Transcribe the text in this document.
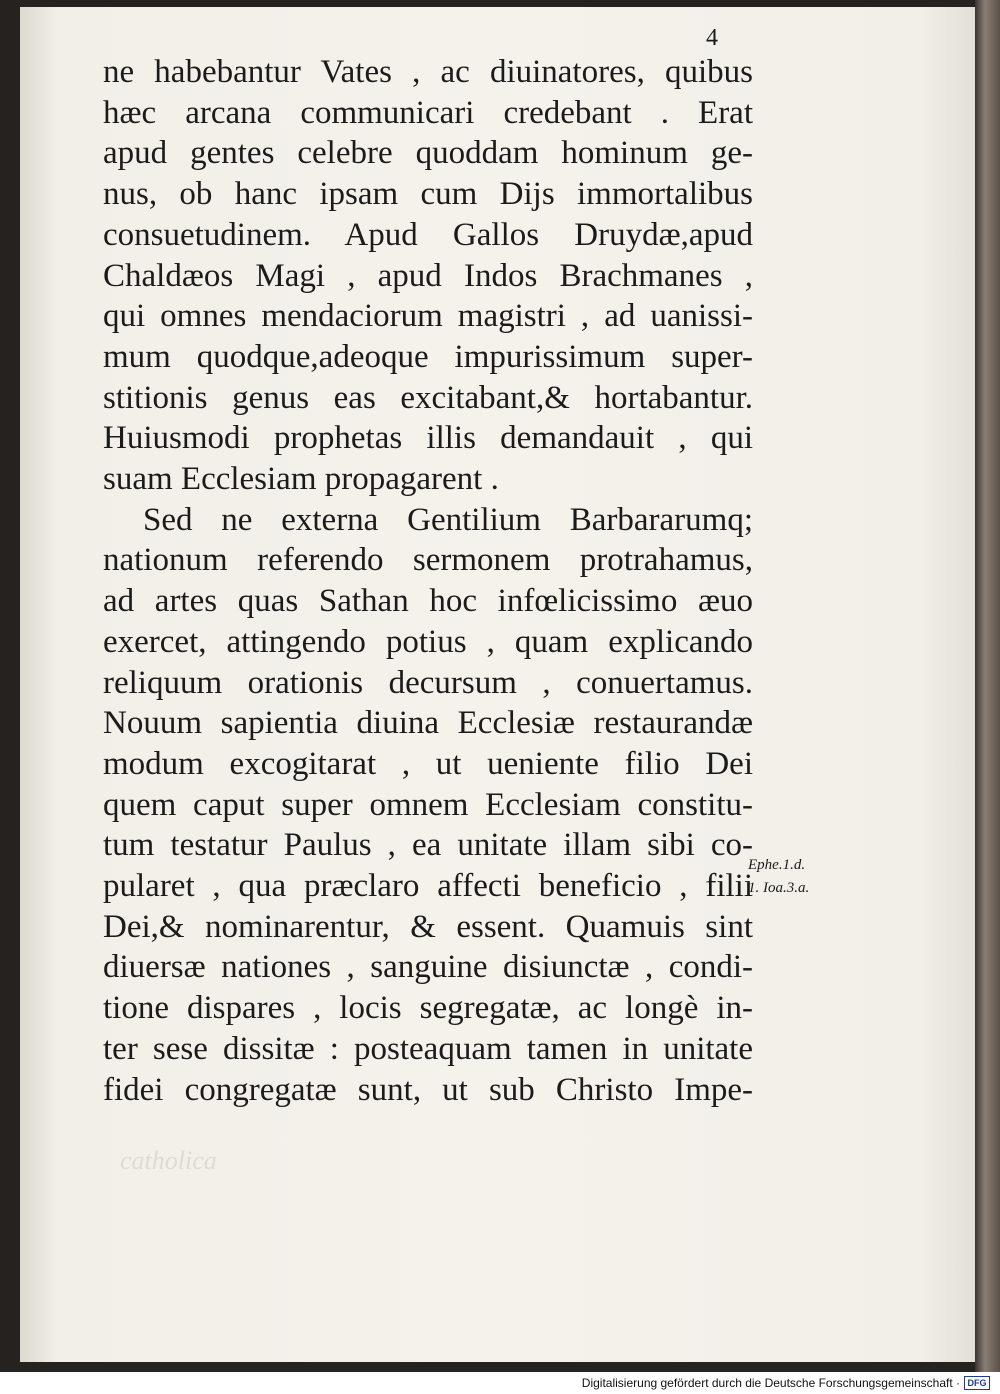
4
ne habebantur Vates , ac diuinatores, quibus
hæc arcana communicari credebant . Erat
apud gentes celebre quoddam hominum ge-
nus, ob hanc ipsam cum Dijs immortalibus
consuetudinem. Apud Gallos Druydæ,apud
Chaldæos Magi , apud Indos Brachmanes ,
qui omnes mendaciorum magistri , ad uanissi-
mum quodque,adeoque impurissimum super-
stitionis genus eas excitabant,& hortabantur.
Huiusmodi prophetas illis demandauit , qui
suam Ecclesiam propagarent .
Sed ne externa Gentilium Barbararumq;
nationum referendo sermonem protrahamus,
ad artes quas Sathan hoc infœlicissimo æuo
exercet, attingendo potius , quam explicando
reliquum orationis decursum , conuertamus.
Nouum sapientia diuina Ecclesiæ restaurandæ
modum excogitarat , ut ueniente filio Dei
quem caput super omnem Ecclesiam constitu-
tum testatur Paulus , ea unitate illam sibi co-
pularet , qua præclaro affecti beneficio , filii
Dei,& nominarentur, & essent. Quamuis sint
diuersæ nationes , sanguine disiunctæ , condi-
tione dispares , locis segregatæ, ac longè in-
ter sese dissitæ : posteaquam tamen in unitate
fidei congregatæ sunt, ut sub Christo Impe-
Ephe.1.d.
1. Ioa.3.a.
catholica
Digitalisierung gefördert durch die Deutsche Forschungsgemeinschaft · DFG
